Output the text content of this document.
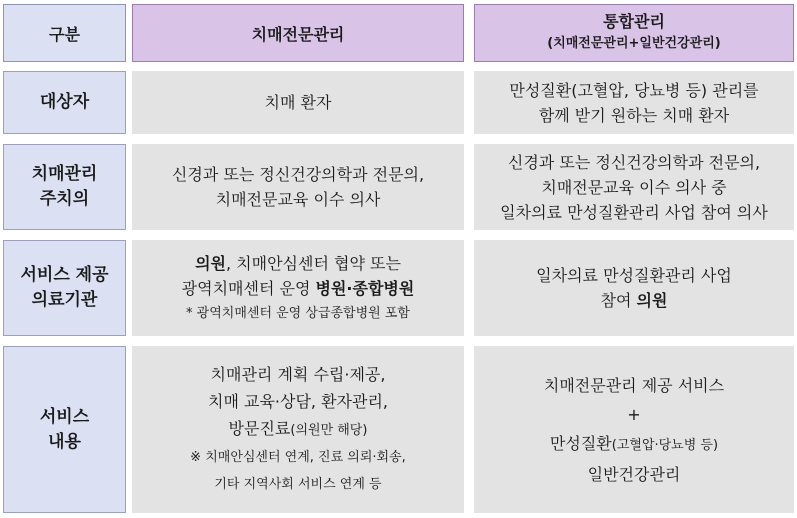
구분	치매전문관리
통합관리
(치매전문관리+일반건강관리)
대상자	치매 환자
만성질환(고혈압, 당뇨병 등) 관리를
함께 받기 원하는 치매 환자
치매관리
주치의
신경과 또는 정신건강의학과 전문의,
치매전문교육 이수 의사
신경과 또는 정신건강의학과 전문의,
치매전문교육 이수 의사 중
일차의료 만성질환관리 사업 참여 의사
서비스 제공
의료기관
의원, 치매안심센터 협약 또는
광역치매센터 운영 병원·종합병원
* 광역치매센터 운영 상급종합병원 포함
일차의료 만성질환관리 사업
참여 의원
서비스
내용
치매관리 계획 수립·제공,
치매 교육·상담, 환자관리,
방문진료(의원만 해당)
※ 치매안심센터 연계, 진료 의뢰·회송,
기타 지역사회 서비스 연계 등
치매전문관리 제공 서비스
+
만성질환(고혈압·당뇨병 등)
일반건강관리
